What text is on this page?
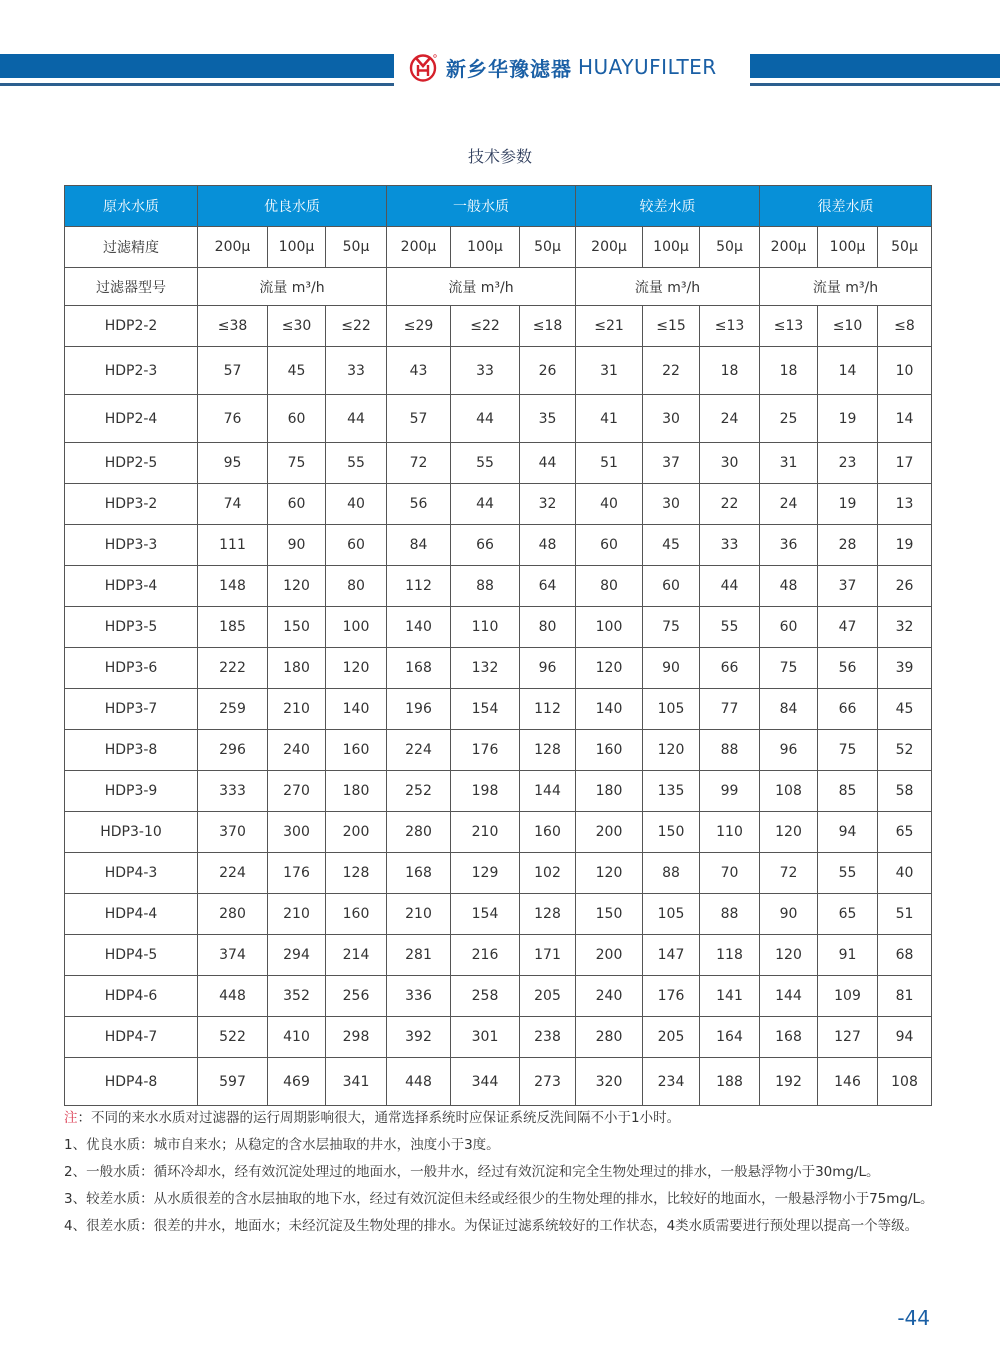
新乡华豫滤器 HUAYUFILTER
技术参数
原水水质	优良水质			一般水质			较差水质			很差水质		
过滤精度	200μ	100μ	50μ	200μ	100μ	50μ	200μ	100μ	50μ	200μ	100μ	50μ
过滤器型号	流量 m³/h			流量 m³/h			流量 m³/h			流量 m³/h		
HDP2-2	≤38	≤30	≤22	≤29	≤22	≤18	≤21	≤15	≤13	≤13	≤10	≤8
HDP2-3	57	45	33	43	33	26	31	22	18	18	14	10
HDP2-4	76	60	44	57	44	35	41	30	24	25	19	14
HDP2-5	95	75	55	72	55	44	51	37	30	31	23	17
HDP3-2	74	60	40	56	44	32	40	30	22	24	19	13
HDP3-3	111	90	60	84	66	48	60	45	33	36	28	19
HDP3-4	148	120	80	112	88	64	80	60	44	48	37	26
HDP3-5	185	150	100	140	110	80	100	75	55	60	47	32
HDP3-6	222	180	120	168	132	96	120	90	66	75	56	39
HDP3-7	259	210	140	196	154	112	140	105	77	84	66	45
HDP3-8	296	240	160	224	176	128	160	120	88	96	75	52
HDP3-9	333	270	180	252	198	144	180	135	99	108	85	58
HDP3-10	370	300	200	280	210	160	200	150	110	120	94	65
HDP4-3	224	176	128	168	129	102	120	88	70	72	55	40
HDP4-4	280	210	160	210	154	128	150	105	88	90	65	51
HDP4-5	374	294	214	281	216	171	200	147	118	120	91	68
HDP4-6	448	352	256	336	258	205	240	176	141	144	109	81
HDP4-7	522	410	298	392	301	238	280	205	164	168	127	94
HDP4-8	597	469	341	448	344	273	320	234	188	192	146	108

注：不同的来水水质对过滤器的运行周期影响很大，通常选择系统时应保证系统反洗间隔不小于1小时。

1、优良水质：城市自来水；从稳定的含水层抽取的井水，浊度小于3度。

2、一般水质：循环冷却水，经有效沉淀处理过的地面水，一般井水，经过有效沉淀和完全生物处理过的排水，一般悬浮物小于30mg/L。

3、较差水质：从水质很差的含水层抽取的地下水，经过有效沉淀但未经或经很少的生物处理的排水，比较好的地面水，一般悬浮物小于75mg/L。

4、很差水质：很差的井水，地面水；未经沉淀及生物处理的排水。为保证过滤系统较好的工作状态，4类水质需要进行预处理以提高一个等级。

-44
